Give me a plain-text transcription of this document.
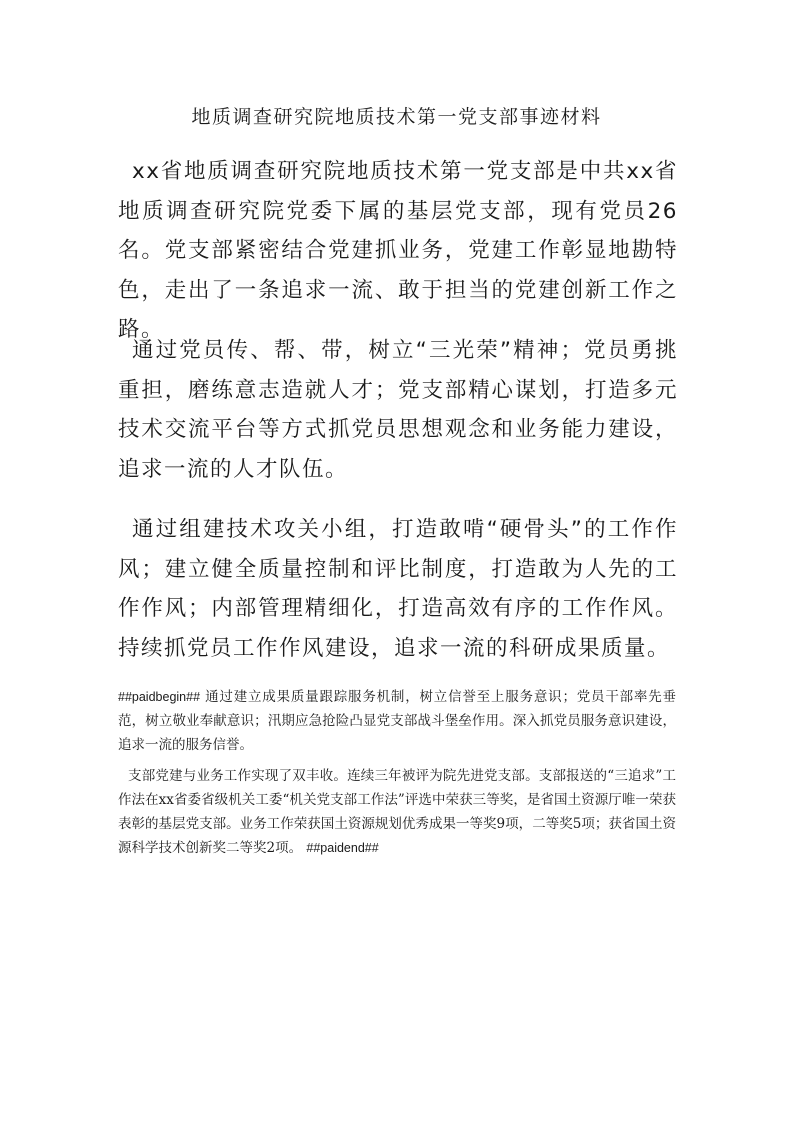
地质调查研究院地质技术第一党支部事迹材料

xx省地质调查研究院地质技术第一党支部是中共xx省地质调查研究院党委下属的基层党支部，现有党员26名。党支部紧密结合党建抓业务，党建工作彰显地勘特色，走出了一条追求一流、敢于担当的党建创新工作之路。

通过党员传、帮、带，树立“三光荣”精神；党员勇挑重担，磨练意志造就人才；党支部精心谋划，打造多元技术交流平台等方式抓党员思想观念和业务能力建设，追求一流的人才队伍。

通过组建技术攻关小组，打造敢啃“硬骨头”的工作作风；建立健全质量控制和评比制度，打造敢为人先的工作作风；内部管理精细化，打造高效有序的工作作风。持续抓党员工作作风建设，追求一流的科研成果质量。

##paidbegin## 通过建立成果质量跟踪服务机制，树立信誉至上服务意识；党员干部率先垂范，树立敬业奉献意识；汛期应急抢险凸显党支部战斗堡垒作用。深入抓党员服务意识建设，追求一流的服务信誉。

支部党建与业务工作实现了双丰收。连续三年被评为院先进党支部。支部报送的“三追求”工作法在xx省委省级机关工委“机关党支部工作法”评选中荣获三等奖，是省国土资源厅唯一荣获表彰的基层党支部。业务工作荣获国土资源规划优秀成果一等奖9项，二等奖5项；获省国土资源科学技术创新奖二等奖2项。 ##paidend##
